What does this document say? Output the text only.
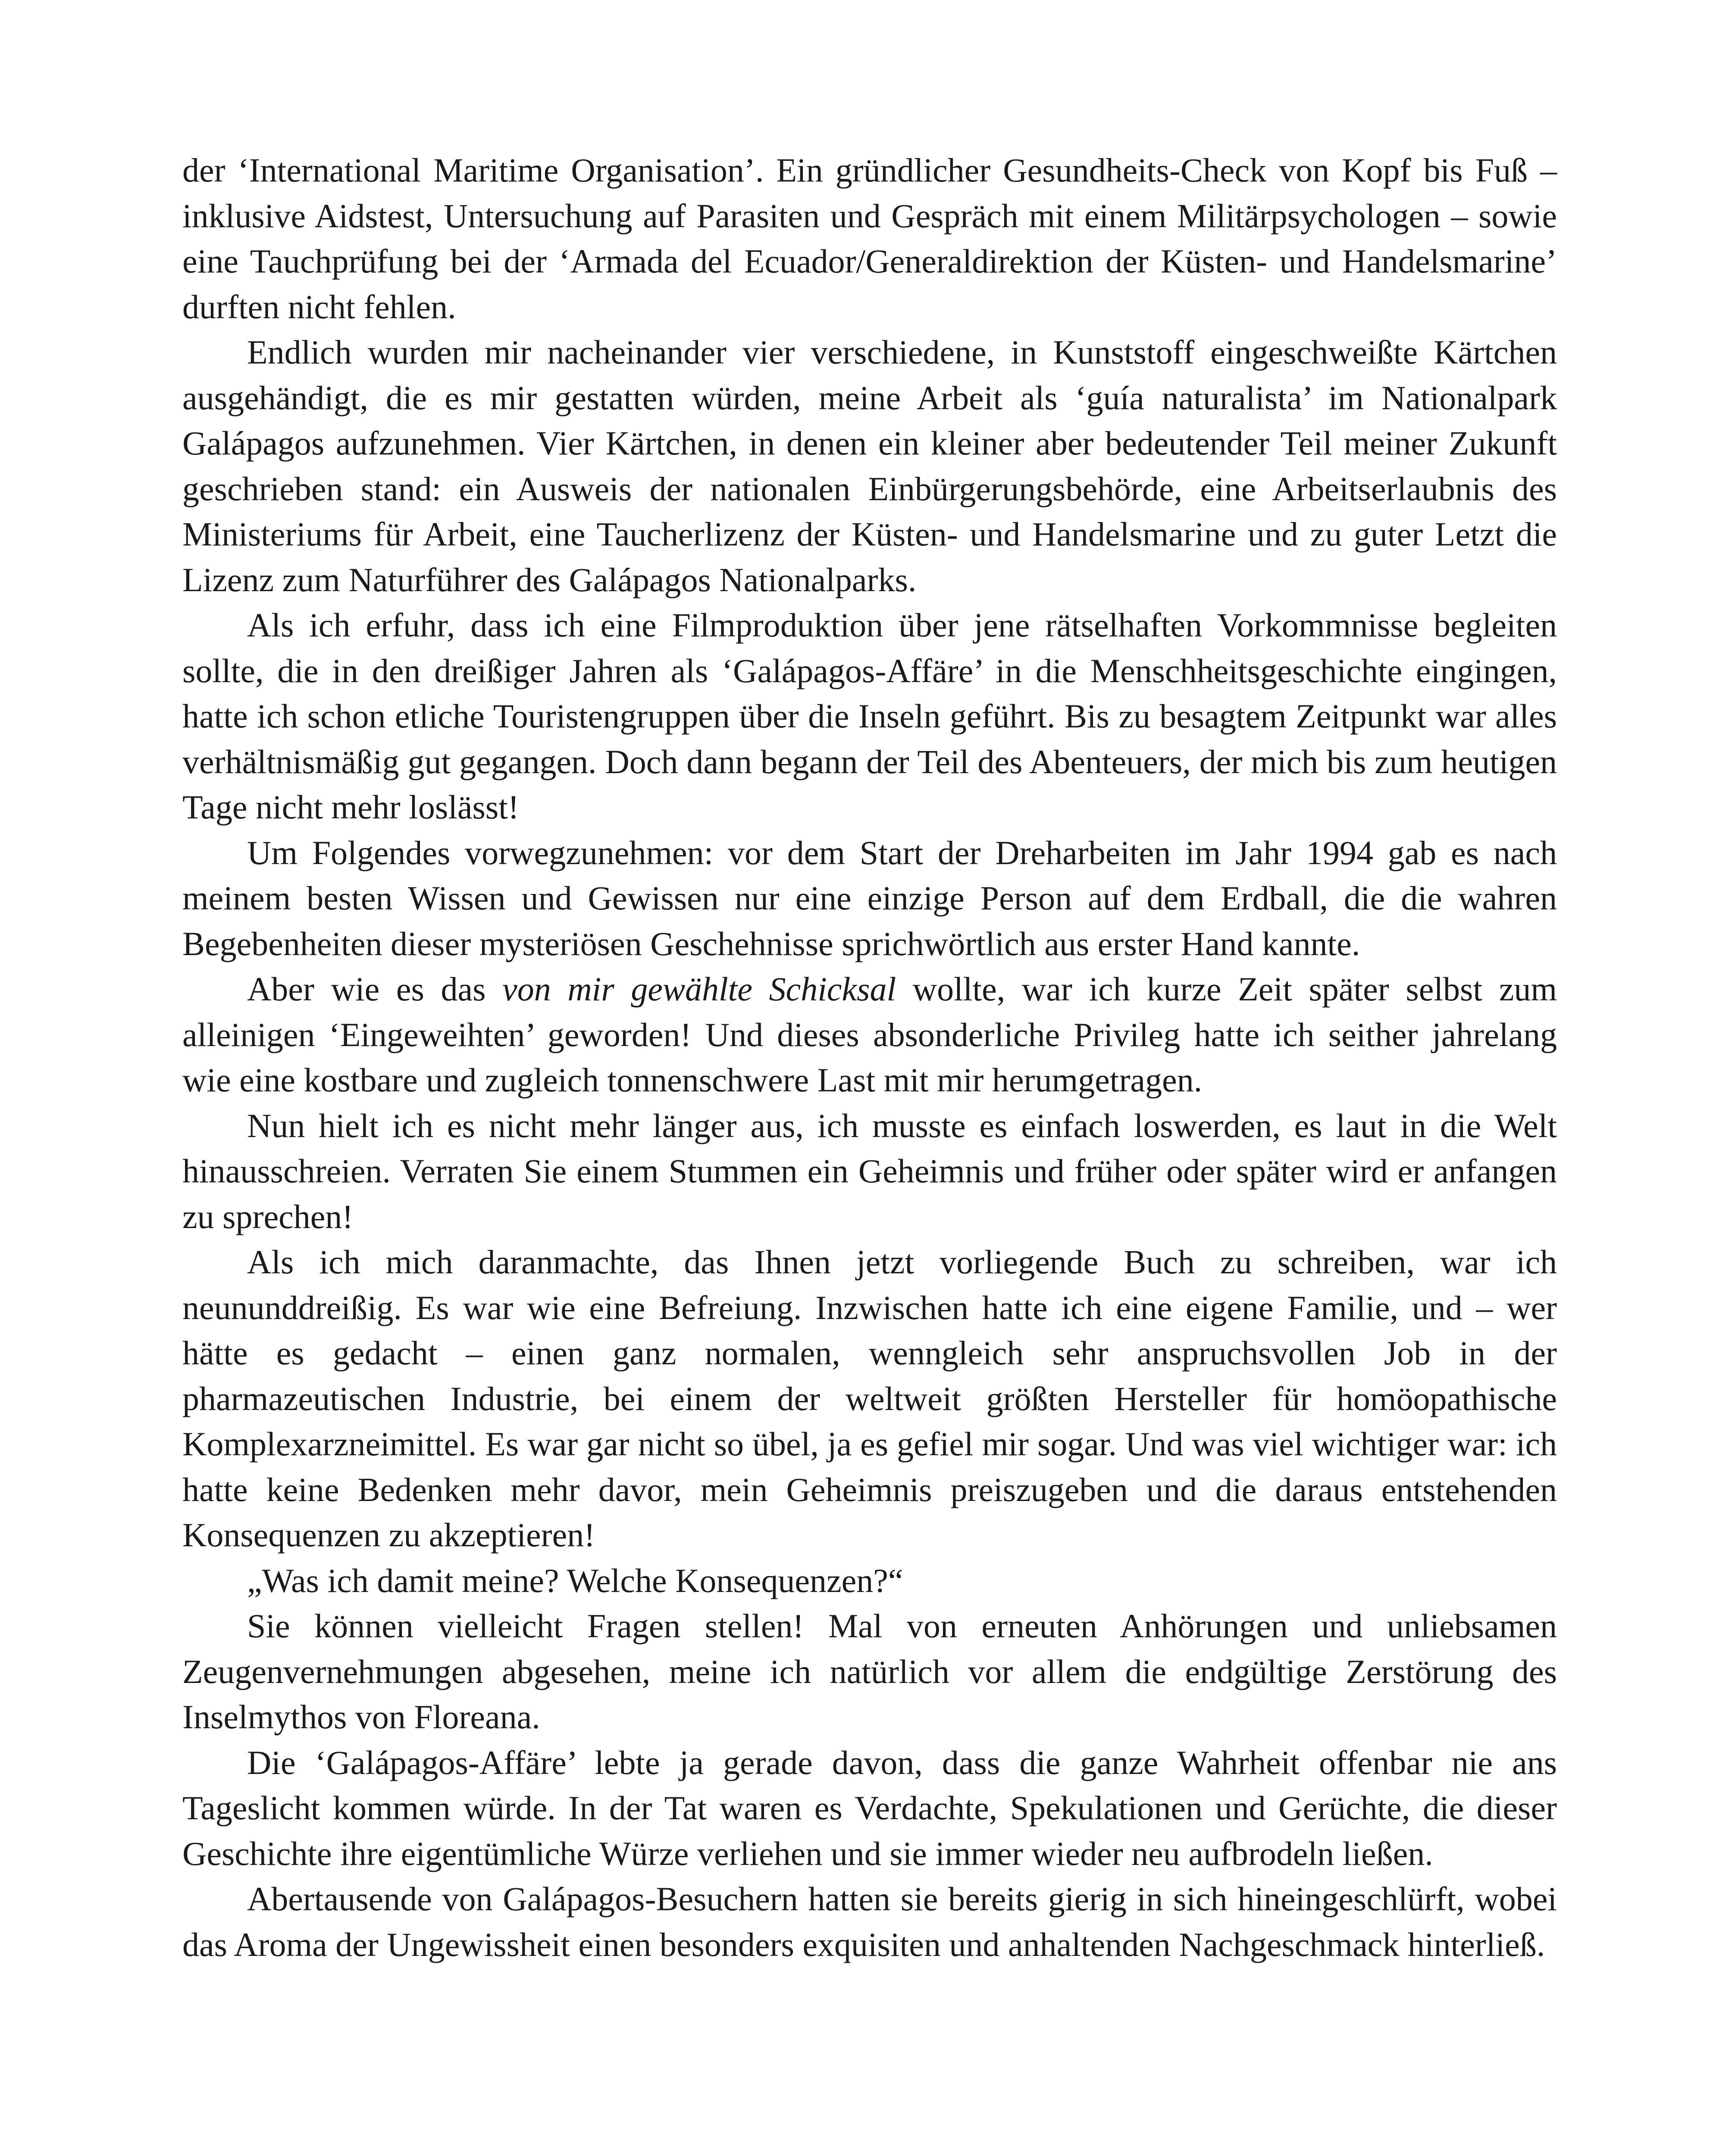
der ‘International Maritime Organisation’. Ein gründlicher Gesundheits-Check von Kopf bis Fuß – inklusive Aidstest, Untersuchung auf Parasiten und Gespräch mit einem Militärpsychologen – sowie eine Tauchprüfung bei der ‘Armada del Ecuador/Generaldirektion der Küsten- und Handelsmarine’ durften nicht fehlen.

Endlich wurden mir nacheinander vier verschiedene, in Kunststoff eingeschweißte Kärtchen ausgehändigt, die es mir gestatten würden, meine Arbeit als ‘guía naturalista’ im Nationalpark Galápagos aufzunehmen. Vier Kärtchen, in denen ein kleiner aber bedeutender Teil meiner Zukunft geschrieben stand: ein Ausweis der nationalen Einbürgerungsbehörde, eine Arbeitserlaubnis des Ministeriums für Arbeit, eine Taucherlizenz der Küsten- und Handelsmarine und zu guter Letzt die Lizenz zum Naturführer des Galápagos Nationalparks.

Als ich erfuhr, dass ich eine Filmproduktion über jene rätselhaften Vorkommnisse begleiten sollte, die in den dreißiger Jahren als ‘Galápagos-Affäre’ in die Menschheitsgeschichte eingingen, hatte ich schon etliche Touristengruppen über die Inseln geführt. Bis zu besagtem Zeitpunkt war alles verhältnismäßig gut gegangen. Doch dann begann der Teil des Abenteuers, der mich bis zum heutigen Tage nicht mehr loslässt!

Um Folgendes vorwegzunehmen: vor dem Start der Dreharbeiten im Jahr 1994 gab es nach meinem besten Wissen und Gewissen nur eine einzige Person auf dem Erdball, die die wahren Begebenheiten dieser mysteriösen Geschehnisse sprichwörtlich aus erster Hand kannte.

Aber wie es das von mir gewählte Schicksal wollte, war ich kurze Zeit später selbst zum alleinigen ‘Eingeweihten’ geworden! Und dieses absonderliche Privileg hatte ich seither jahrelang wie eine kostbare und zugleich tonnenschwere Last mit mir herumgetragen.

Nun hielt ich es nicht mehr länger aus, ich musste es einfach loswerden, es laut in die Welt hinausschreien. Verraten Sie einem Stummen ein Geheimnis und früher oder später wird er anfangen zu sprechen!

Als ich mich daranmachte, das Ihnen jetzt vorliegende Buch zu schreiben, war ich neununddreißig. Es war wie eine Befreiung. Inzwischen hatte ich eine eigene Familie, und – wer hätte es gedacht – einen ganz normalen, wenngleich sehr anspruchsvollen Job in der pharmazeutischen Industrie, bei einem der weltweit größten Hersteller für homöopathische Komplexarzneimittel. Es war gar nicht so übel, ja es gefiel mir sogar. Und was viel wichtiger war: ich hatte keine Bedenken mehr davor, mein Geheimnis preiszugeben und die daraus entstehenden Konsequenzen zu akzeptieren!

„Was ich damit meine? Welche Konsequenzen?“

Sie können vielleicht Fragen stellen! Mal von erneuten Anhörungen und unliebsamen Zeugenvernehmungen abgesehen, meine ich natürlich vor allem die endgültige Zerstörung des Inselmythos von Floreana.

Die ‘Galápagos-Affäre’ lebte ja gerade davon, dass die ganze Wahrheit offenbar nie ans Tageslicht kommen würde. In der Tat waren es Verdachte, Spekulationen und Gerüchte, die dieser Geschichte ihre eigentümliche Würze verliehen und sie immer wieder neu aufbrodeln ließen.

Abertausende von Galápagos-Besuchern hatten sie bereits gierig in sich hineingeschlürft, wobei das Aroma der Ungewissheit einen besonders exquisiten und anhaltenden Nachgeschmack hinterließ.
